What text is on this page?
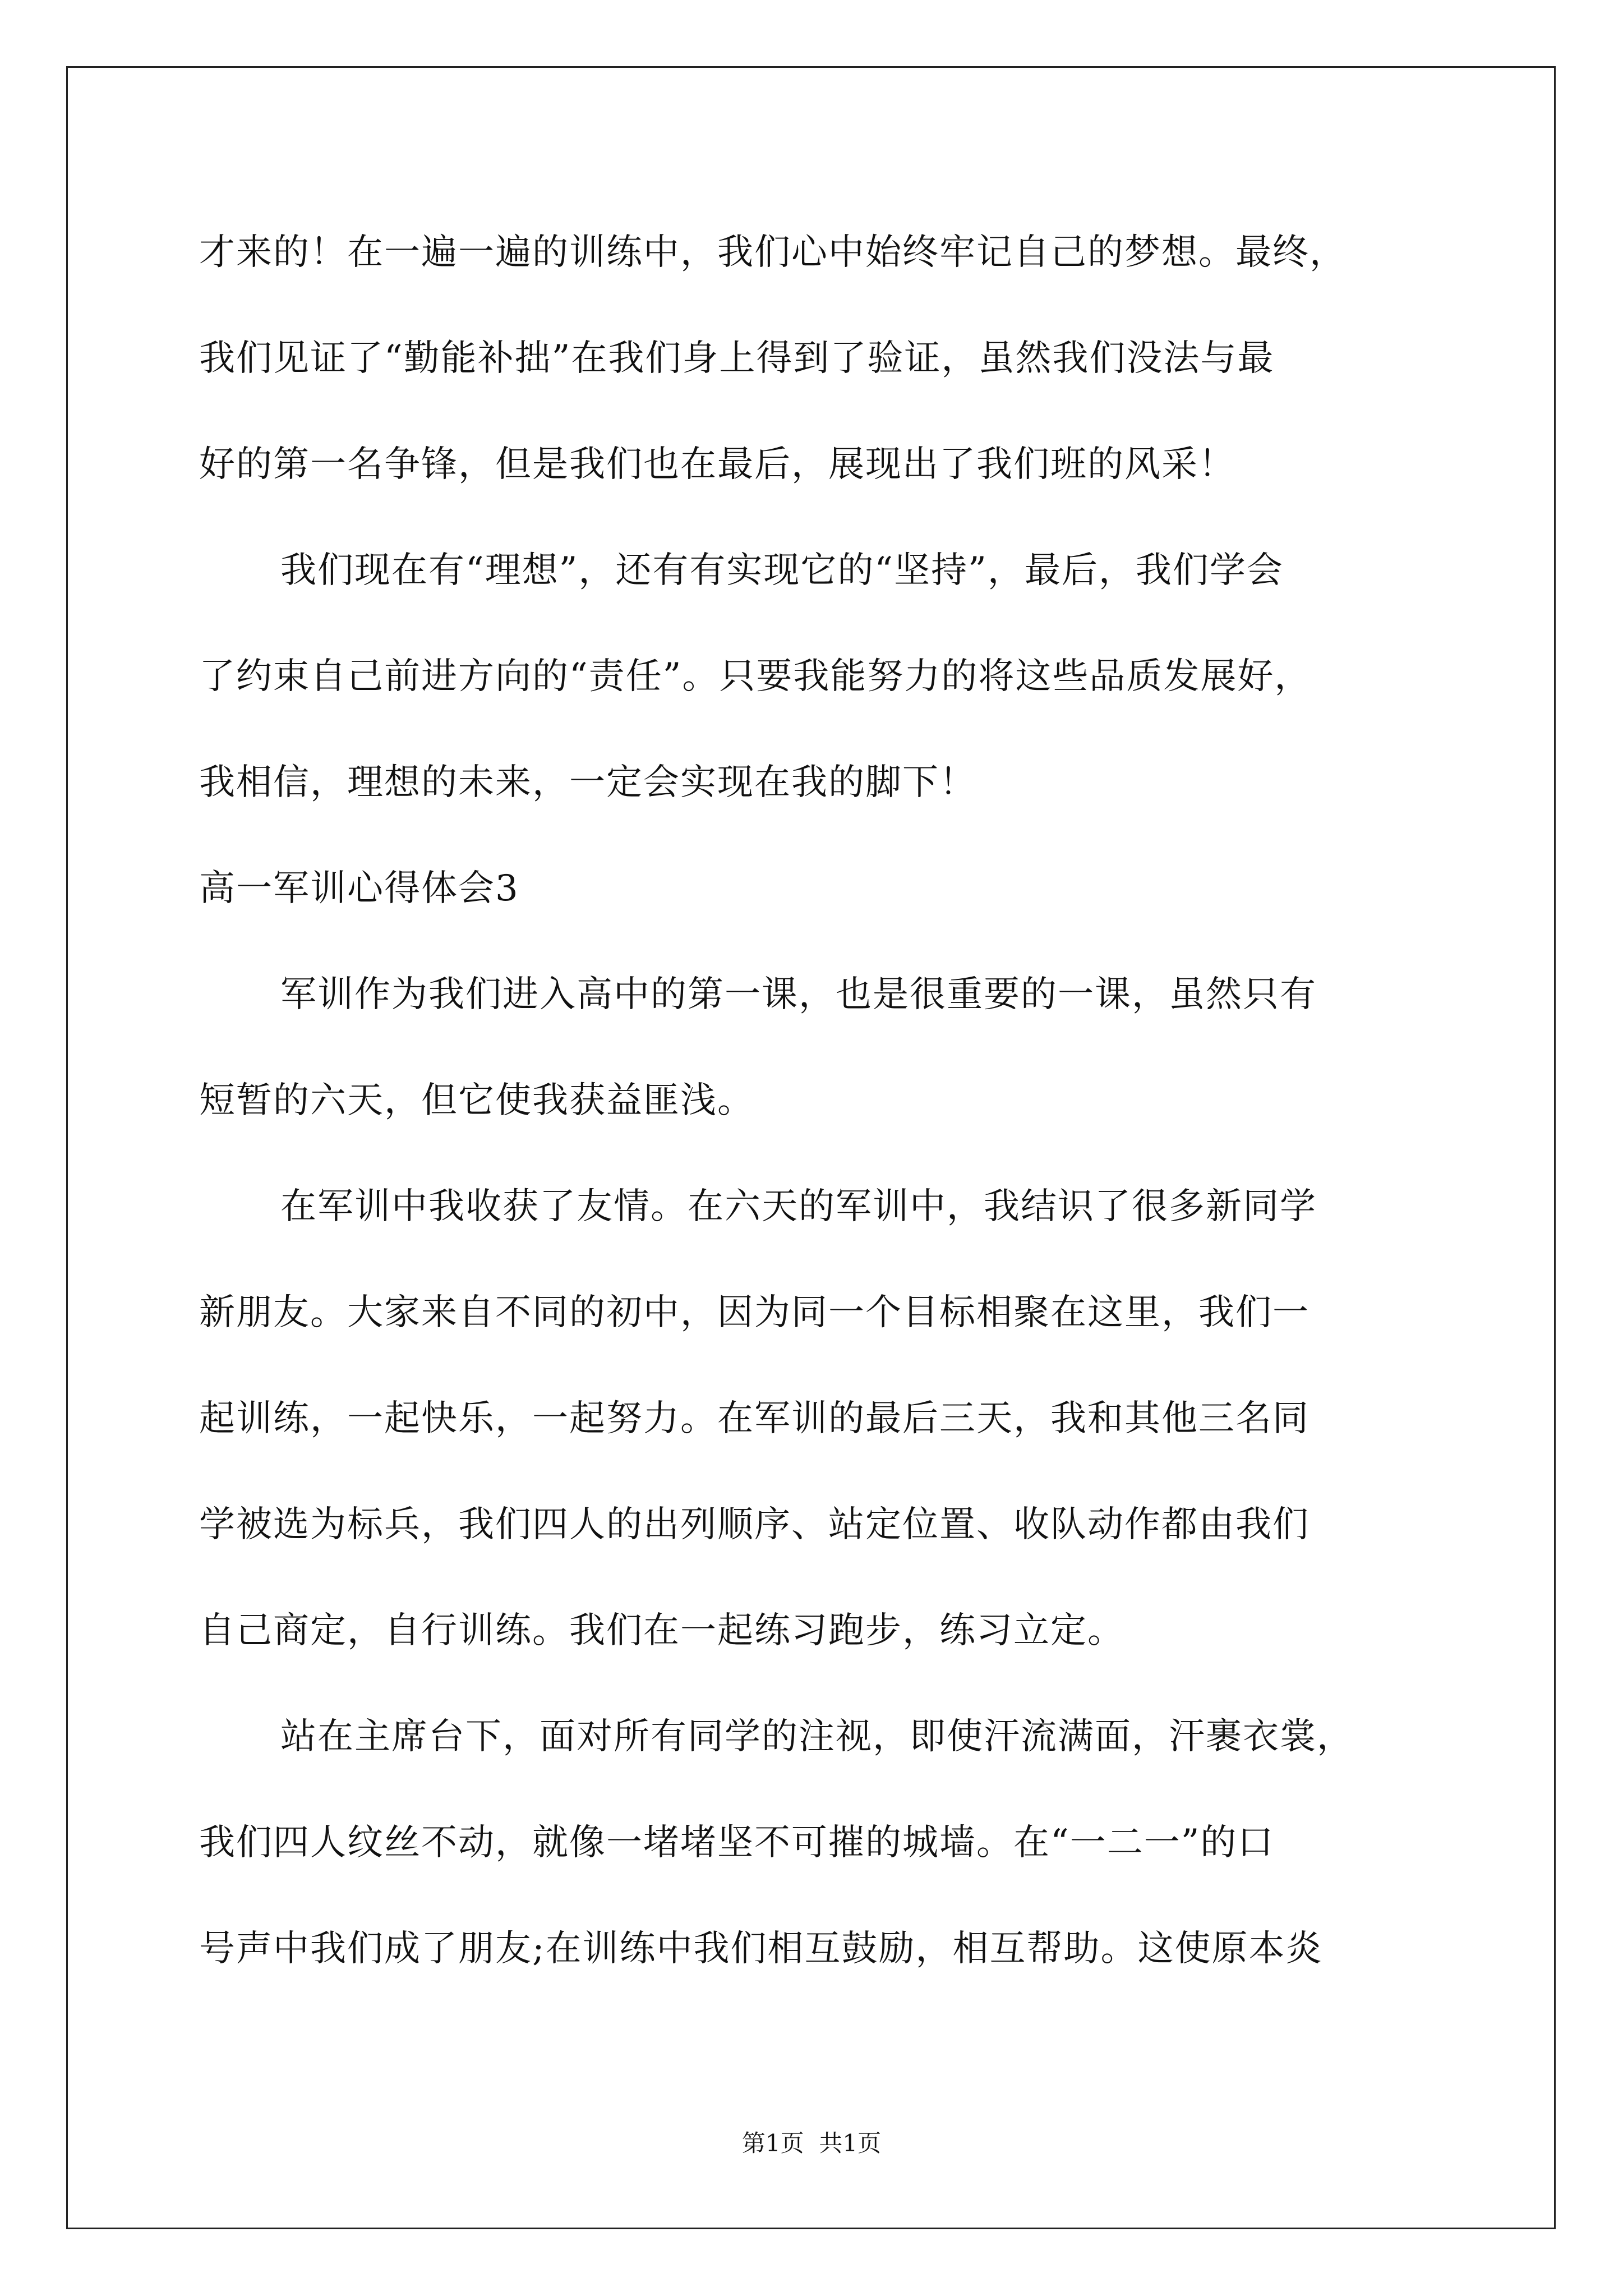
才来的！在一遍一遍的训练中，我们心中始终牢记自己的梦想。最终，
我们见证了“勤能补拙”在我们身上得到了验证，虽然我们没法与最
好的第一名争锋，但是我们也在最后，展现出了我们班的风采！
我们现在有“理想”，还有有实现它的“坚持”，最后，我们学会
了约束自己前进方向的“责任”。只要我能努力的将这些品质发展好，
我相信，理想的未来，一定会实现在我的脚下！
高一军训心得体会3
军训作为我们进入高中的第一课，也是很重要的一课，虽然只有
短暂的六天，但它使我获益匪浅。
在军训中我收获了友情。在六天的军训中，我结识了很多新同学
新朋友。大家来自不同的初中，因为同一个目标相聚在这里，我们一
起训练，一起快乐，一起努力。在军训的最后三天，我和其他三名同
学被选为标兵，我们四人的出列顺序、站定位置、收队动作都由我们
自己商定，自行训练。我们在一起练习跑步，练习立定。
站在主席台下，面对所有同学的注视，即使汗流满面，汗裹衣裳，
我们四人纹丝不动，就像一堵堵坚不可摧的城墙。在“一二一”的口
号声中我们成了朋友;在训练中我们相互鼓励，相互帮助。这使原本炎
第1页  共1页
